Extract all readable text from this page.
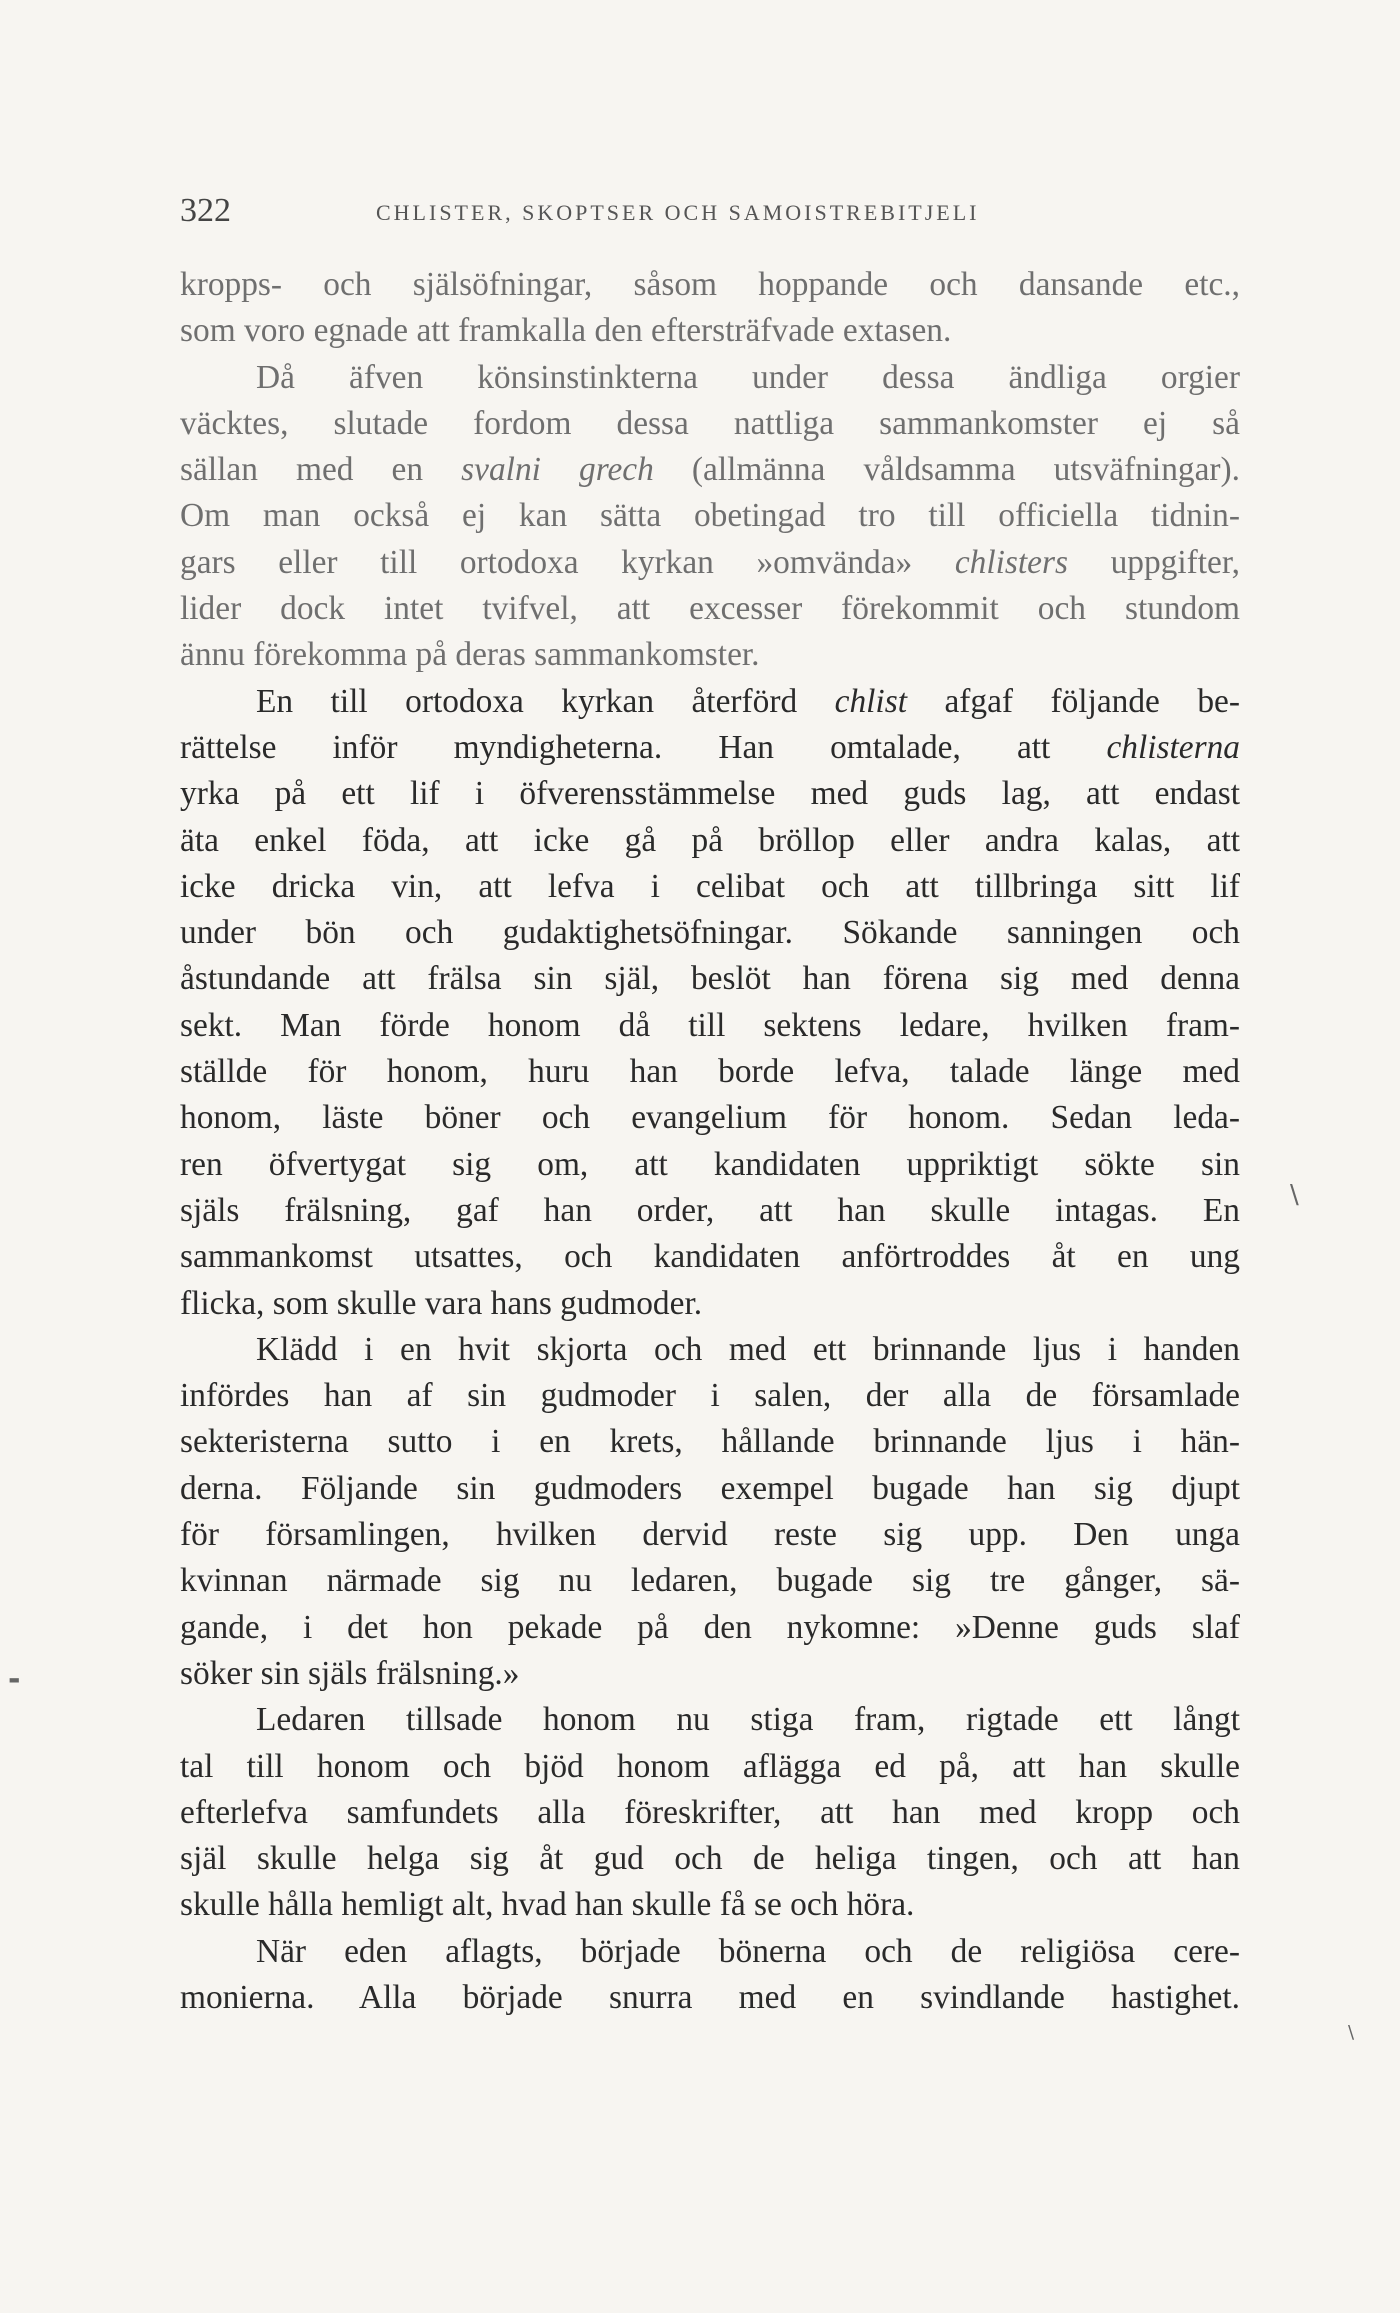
322	CHLISTER, SKOPTSER OCH SAMOISTREBITJELI
kropps- och själsöfningar, såsom hoppande och dansande etc.,
som voro egnade att framkalla den eftersträfvade extasen.
Då äfven könsinstinkterna under dessa ändliga orgier
väcktes, slutade fordom dessa nattliga sammankomster ej så
sällan med en svalni grech (allmänna våldsamma utsväfningar).
Om man också ej kan sätta obetingad tro till officiella tidnin-
gars eller till ortodoxa kyrkan »omvända» chlisters uppgifter,
lider dock intet tvifvel, att excesser förekommit och stundom
ännu förekomma på deras sammankomster.
En till ortodoxa kyrkan återförd chlist afgaf följande be-
rättelse inför myndigheterna. Han omtalade, att chlisterna
yrka på ett lif i öfverensstämmelse med guds lag, att endast
äta enkel föda, att icke gå på bröllop eller andra kalas, att
icke dricka vin, att lefva i celibat och att tillbringa sitt lif
under bön och gudaktighetsöfningar. Sökande sanningen och
åstundande att frälsa sin själ, beslöt han förena sig med denna
sekt. Man förde honom då till sektens ledare, hvilken fram-
ställde för honom, huru han borde lefva, talade länge med
honom, läste böner och evangelium för honom. Sedan leda-
ren öfvertygat sig om, att kandidaten uppriktigt sökte sin
själs frälsning, gaf han order, att han skulle intagas. En
sammankomst utsattes, och kandidaten anförtroddes åt en ung
flicka, som skulle vara hans gudmoder.
Klädd i en hvit skjorta och med ett brinnande ljus i handen
infördes han af sin gudmoder i salen, der alla de församlade
sekteristerna sutto i en krets, hållande brinnande ljus i hän-
derna. Följande sin gudmoders exempel bugade han sig djupt
för församlingen, hvilken dervid reste sig upp. Den unga
kvinnan närmade sig nu ledaren, bugade sig tre gånger, sä-
gande, i det hon pekade på den nykomne: »Denne guds slaf
söker sin själs frälsning.»
Ledaren tillsade honom nu stiga fram, rigtade ett långt
tal till honom och bjöd honom aflägga ed på, att han skulle
efterlefva samfundets alla föreskrifter, att han med kropp och
själ skulle helga sig åt gud och de heliga tingen, och att han
skulle hålla hemligt alt, hvad han skulle få se och höra.
När eden aflagts, började bönerna och de religiösa cere-
monierna. Alla började snurra med en svindlande hastighet.
\
-
\
